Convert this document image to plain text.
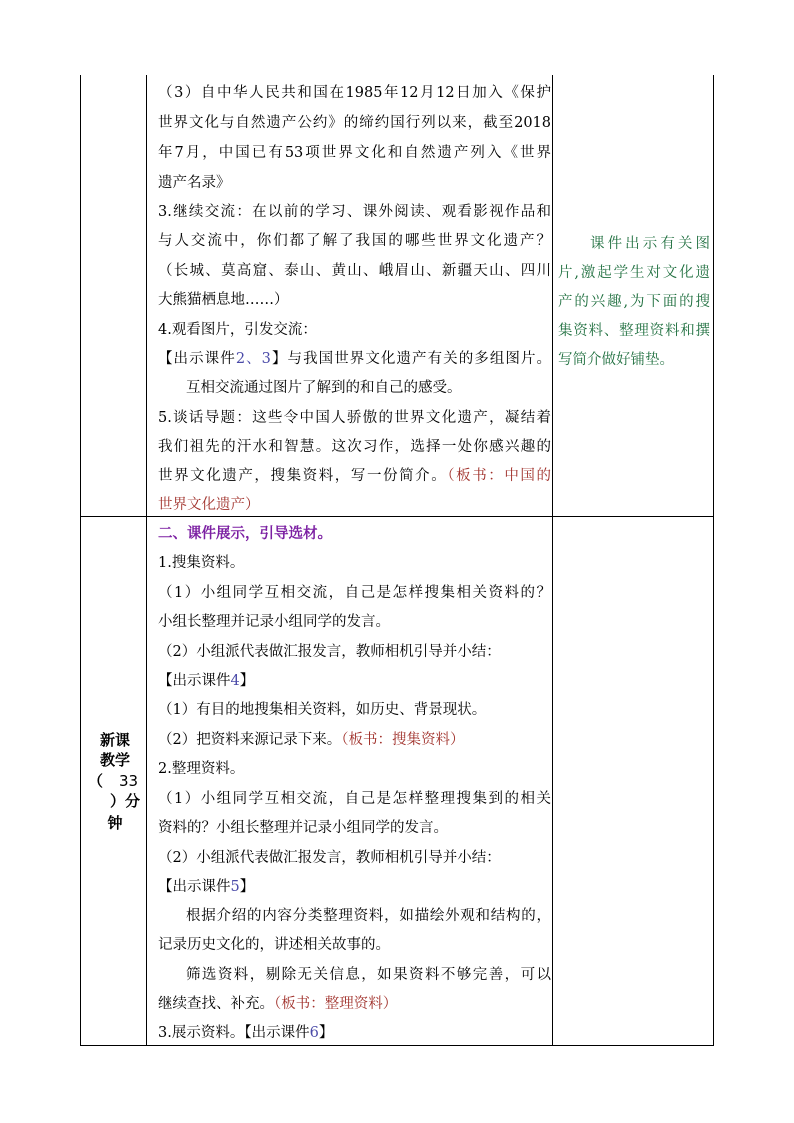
（3）自中华人民共和国在1985年12月12日加入《保护
世界文化与自然遗产公约》的缔约国行列以来，截至2018
年7月，中国已有53项世界文化和自然遗产列入《世界
遗产名录》
3.继续交流：在以前的学习、课外阅读、观看影视作品和
与人交流中，你们都了解了我国的哪些世界文化遗产？
（长城、莫高窟、泰山、黄山、峨眉山、新疆天山、四川
大熊猫栖息地……）
4.观看图片，引发交流：
【出示课件2、3】与我国世界文化遗产有关的多组图片。
互相交流通过图片了解到的和自己的感受。
5.谈话导题：这些令中国人骄傲的世界文化遗产，凝结着
我们祖先的汗水和智慧。这次习作，选择一处你感兴趣的
世界文化遗产，搜集资料，写一份简介。（板书：中国的
世界文化遗产）
课件出示有关图
片,激起学生对文化遗
产的兴趣,为下面的搜
集资料、整理资料和撰
写简介做好铺垫。
新课
教学
（ 33
）分
钟
二、课件展示，引导选材。
1.搜集资料。
（1）小组同学互相交流，自己是怎样搜集相关资料的？
小组长整理并记录小组同学的发言。
（2）小组派代表做汇报发言，教师相机引导并小结：
【出示课件4】
（1）有目的地搜集相关资料，如历史、背景现状。
（2）把资料来源记录下来。（板书：搜集资料）
2.整理资料。
（1）小组同学互相交流，自己是怎样整理搜集到的相关
资料的？小组长整理并记录小组同学的发言。
（2）小组派代表做汇报发言，教师相机引导并小结：
【出示课件5】
根据介绍的内容分类整理资料，如描绘外观和结构的，
记录历史文化的，讲述相关故事的。
筛选资料，剔除无关信息，如果资料不够完善，可以
继续查找、补充。（板书：整理资料）
3.展示资料。【出示课件6】
